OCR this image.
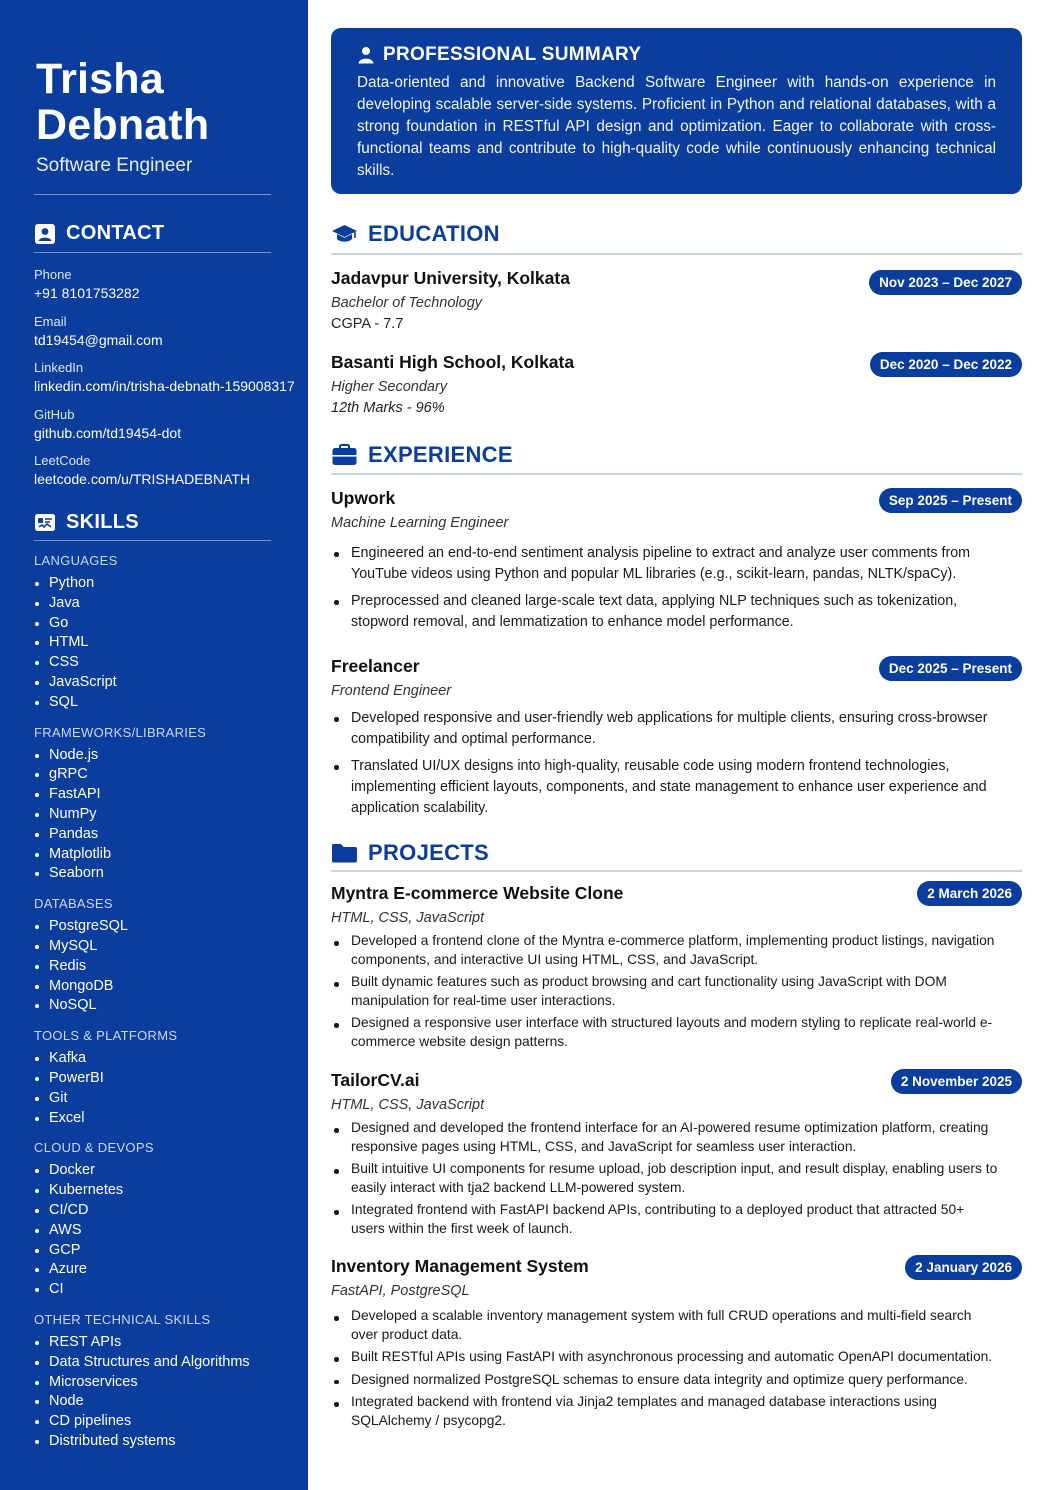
Trisha
Debnath
Software Engineer
CONTACT
Phone
+91 8101753282
Email
td19454@gmail.com
LinkedIn
linkedin.com/in/trisha-debnath-159008317
GitHub
github.com/td19454-dot
LeetCode
leetcode.com/u/TRISHADEBNATH
SKILLS
LANGUAGES
Python
Java
Go
HTML
CSS
JavaScript
SQL
FRAMEWORKS/LIBRARIES
Node.js
gRPC
FastAPI
NumPy
Pandas
Matplotlib
Seaborn
DATABASES
PostgreSQL
MySQL
Redis
MongoDB
NoSQL
TOOLS & PLATFORMS
Kafka
PowerBI
Git
Excel
CLOUD & DEVOPS
Docker
Kubernetes
CI/CD
AWS
GCP
Azure
CI
OTHER TECHNICAL SKILLS
REST APIs
Data Structures and Algorithms
Microservices
Node
CD pipelines
Distributed systems
PROFESSIONAL SUMMARY

Data-oriented and innovative Backend Software Engineer with hands-on experience in developing scalable server-side systems. Proficient in Python and relational databases, with a strong foundation in RESTful API design and optimization. Eager to collaborate with cross-functional teams and contribute to high-quality code while continuously enhancing technical skills.

EDUCATION
Jadavpur University, Kolkata
Bachelor of Technology
CGPA - 7.7
Nov 2023 – Dec 2027
Basanti High School, Kolkata
Higher Secondary
12th Marks - 96%
Dec 2020 – Dec 2022
EXPERIENCE
Upwork
Machine Learning Engineer
Sep 2025 – Present
Engineered an end-to-end sentiment analysis pipeline to extract and analyze user comments from YouTube videos using Python and popular ML libraries (e.g., scikit-learn, pandas, NLTK/spaCy).
Preprocessed and cleaned large-scale text data, applying NLP techniques such as tokenization, stopword removal, and lemmatization to enhance model performance.
Freelancer
Frontend Engineer
Dec 2025 – Present
Developed responsive and user-friendly web applications for multiple clients, ensuring cross-browser compatibility and optimal performance.
Translated UI/UX designs into high-quality, reusable code using modern frontend technologies, implementing efficient layouts, components, and state management to enhance user experience and application scalability.
PROJECTS
Myntra E-commerce Website Clone
HTML, CSS, JavaScript
2 March 2026
Developed a frontend clone of the Myntra e-commerce platform, implementing product listings, navigation components, and interactive UI using HTML, CSS, and JavaScript.
Built dynamic features such as product browsing and cart functionality using JavaScript with DOM manipulation for real-time user interactions.
Designed a responsive user interface with structured layouts and modern styling to replicate real-world e-commerce website design patterns.
TailorCV.ai
HTML, CSS, JavaScript
2 November 2025
Designed and developed the frontend interface for an AI-powered resume optimization platform, creating responsive pages using HTML, CSS, and JavaScript for seamless user interaction.
Built intuitive UI components for resume upload, job description input, and result display, enabling users to easily interact with tja2 backend LLM-powered system.
Integrated frontend with FastAPI backend APIs, contributing to a deployed product that attracted 50+ users within the first week of launch.
Inventory Management System
FastAPI, PostgreSQL
2 January 2026
Developed a scalable inventory management system with full CRUD operations and multi-field search over product data.
Built RESTful APIs using FastAPI with asynchronous processing and automatic OpenAPI documentation.
Designed normalized PostgreSQL schemas to ensure data integrity and optimize query performance.
Integrated backend with frontend via Jinja2 templates and managed database interactions using SQLAlchemy / psycopg2.
